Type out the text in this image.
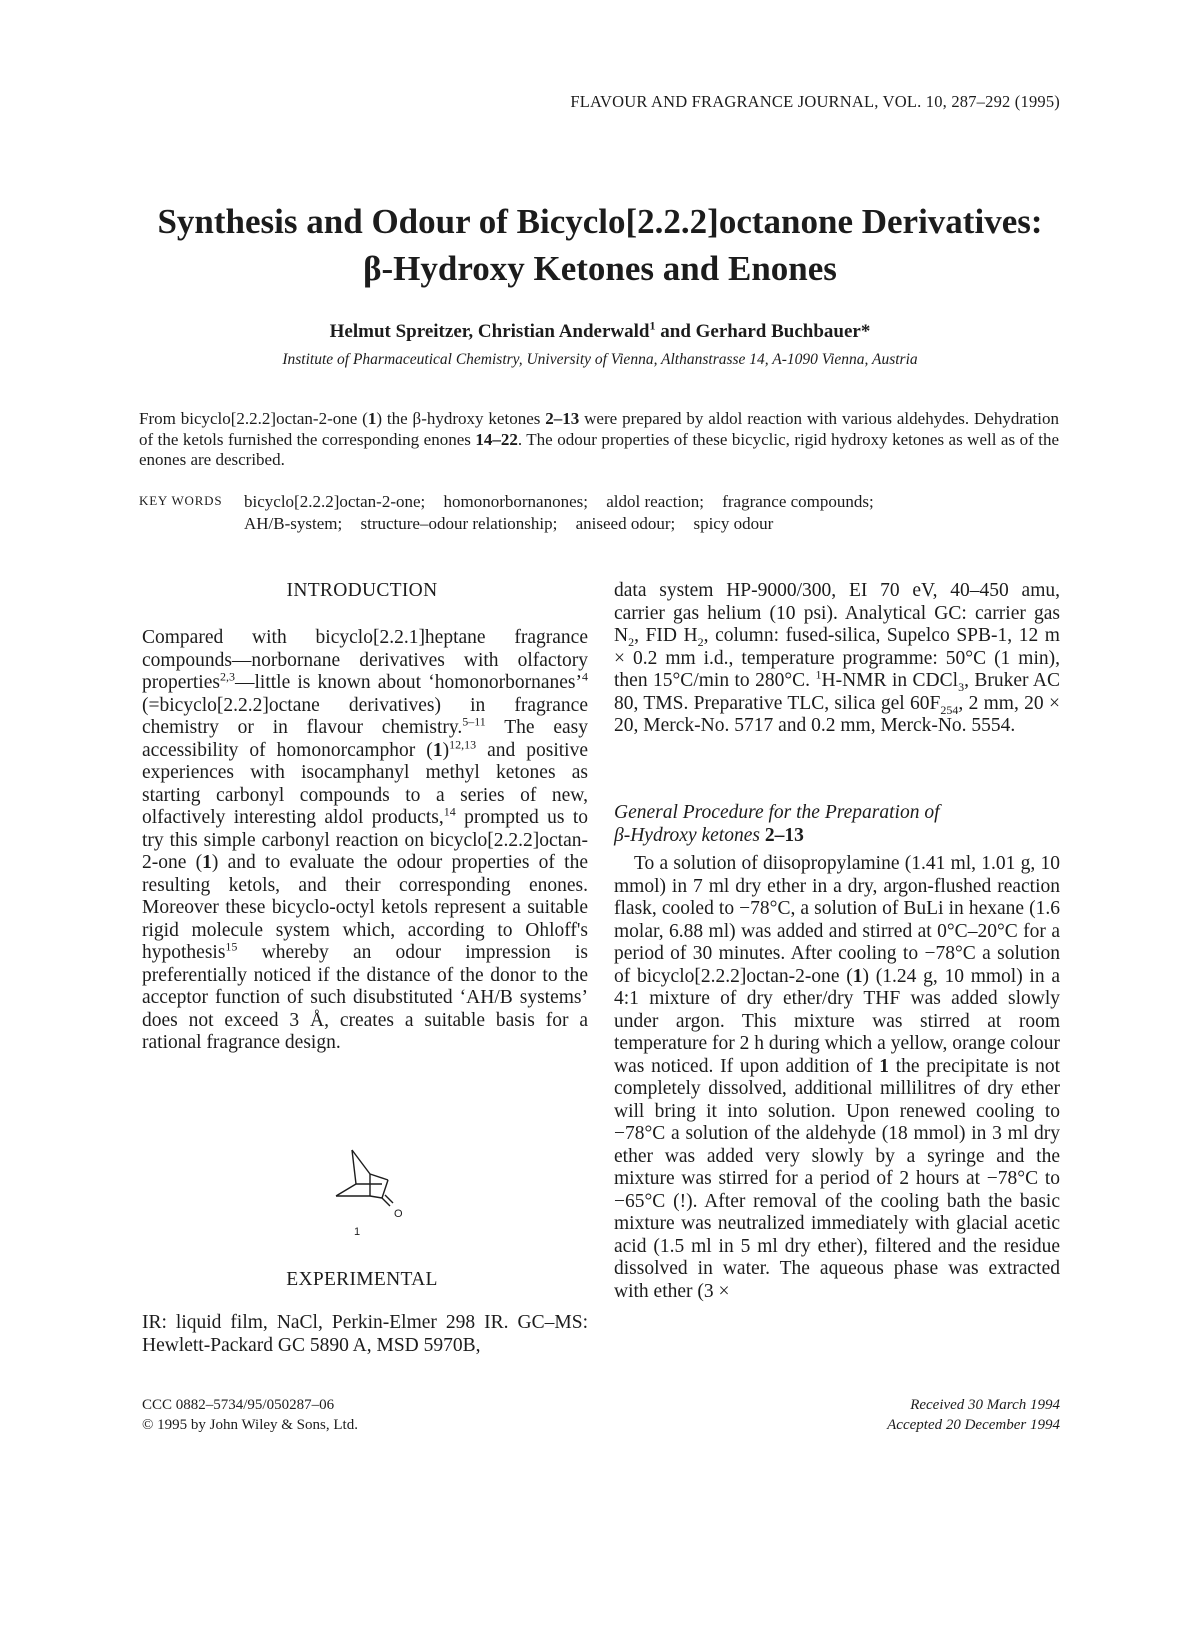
FLAVOUR AND FRAGRANCE JOURNAL, VOL. 10, 287–292 (1995)
Synthesis and Odour of Bicyclo[2.2.2]octanone Derivatives:
β-Hydroxy Ketones and Enones
Helmut Spreitzer, Christian Anderwald$^1$ and Gerhard Buchbauer*
Institute of Pharmaceutical Chemistry, University of Vienna, Althanstrasse 14, A-1090 Vienna, Austria
From bicyclo[2.2.2]octan-2-one (1) the β-hydroxy ketones 2–13 were prepared by aldol reaction with various aldehydes. Dehydration of the ketols furnished the corresponding enones 14–22. The odour properties of these bicyclic, rigid hydroxy ketones as well as of the enones are described.
KEY WORDS bicyclo[2.2.2]octan-2-one; homonorbornanones; aldol reaction; fragrance compounds;
AH/B-system; structure–odour relationship; aniseed odour; spicy odour
INTRODUCTION
Compared with bicyclo[2.2.1]heptane fragrance compounds—norbornane derivatives with olfactory properties$^{2,3}$—little is known about ‘homonorbornanes’$^4$ (=bicyclo[2.2.2]octane derivatives) in fragrance chemistry or in flavour chemistry.$^{5-11}$ The easy accessibility of homonorcamphor $(1)^{12,13}$ and positive experiences with isocamphanyl methyl ketones as starting carbonyl compounds to a series of new, olfactively interesting aldol products,$^{14}$ prompted us to try this simple carbonyl reaction on bicyclo[2.2.2]octan-2-one (1) and to evaluate the odour properties of the resulting ketols, and their corresponding enones. Moreover these bicyclo-octyl ketols represent a suitable rigid molecule system which, according to Ohloff's hypothesis$^{15}$ whereby an odour impression is preferentially noticed if the distance of the donor to the acceptor function of such disubstituted ‘AH/B systems’ does not exceed 3 Å, creates a suitable basis for a rational fragrance design.
O
1
EXPERIMENTAL
IR: liquid film, NaCl, Perkin-Elmer 298 IR. GC–MS: Hewlett-Packard GC 5890 A, MSD 5970B,
data system HP-9000/300, EI 70 eV, 40–450 amu, carrier gas helium (10 psi). Analytical GC: carrier gas $N_2$, FID $H_2$, column: fused-silica, Supelco SPB-1, 12 m × 0.2 mm i.d., temperature programme: 50°C (1 min), then 15°C/min to 280°C. $^1$H-NMR in CDCl$_3$, Bruker AC 80, TMS. Preparative TLC, silica gel $60F_{254}$, 2 mm, 20 × 20, Merck-No. 5717 and 0.2 mm, Merck-No. 5554.
General Procedure for the Preparation of
β-Hydroxy ketones 2–13
To a solution of diisopropylamine (1.41 ml, 1.01 g, 10 mmol) in 7 ml dry ether in a dry, argon-flushed reaction flask, cooled to −78°C, a solution of BuLi in hexane (1.6 molar, 6.88 ml) was added and stirred at 0°C–20°C for a period of 30 minutes. After cooling to −78°C a solution of bicyclo[2.2.2]octan-2-one (1) (1.24 g, 10 mmol) in a 4:1 mixture of dry ether/dry THF was added slowly under argon. This mixture was stirred at room temperature for 2 h during which a yellow, orange colour was noticed. If upon addition of 1 the precipitate is not completely dissolved, additional millilitres of dry ether will bring it into solution. Upon renewed cooling to −78°C a solution of the aldehyde (18 mmol) in 3 ml dry ether was added very slowly by a syringe and the mixture was stirred for a period of 2 hours at −78°C to −65°C (!). After removal of the cooling bath the basic mixture was neutralized immediately with glacial acetic acid (1.5 ml in 5 ml dry ether), filtered and the residue dissolved in water. The aqueous phase was extracted with ether (3 ×
CCC 0882–5734/95/050287–06
© 1995 by John Wiley & Sons, Ltd.
Received 30 March 1994
Accepted 20 December 1994
